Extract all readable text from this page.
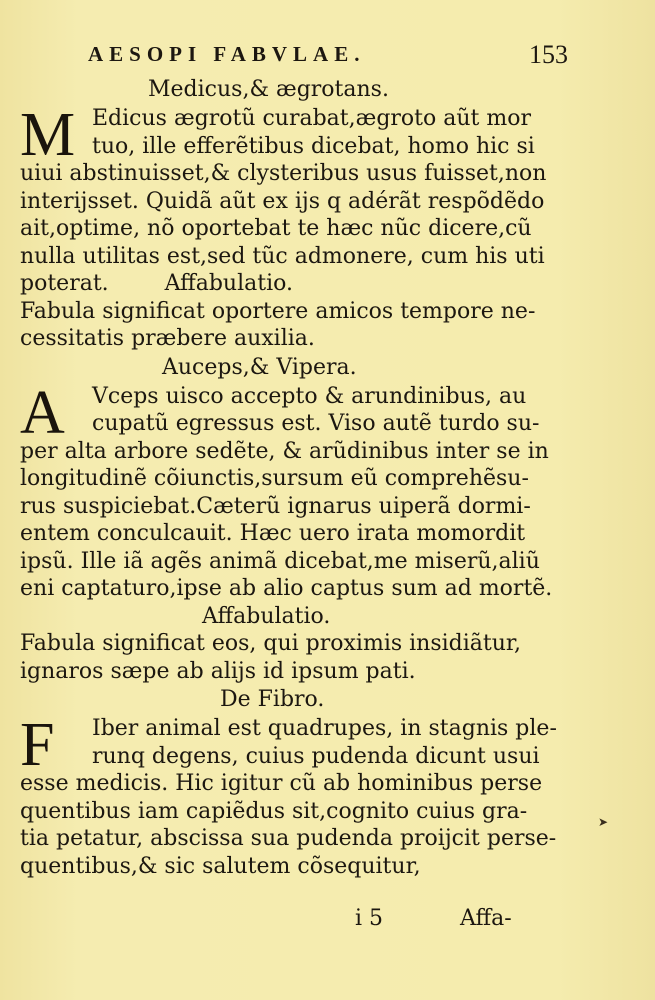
AESOPI FABVLAE.	153
Medicus,& ægrotans.
M Edicus ægrotũ curabat,ægroto aũt mor
tuo, ille efferẽtibus dicebat, homo hic si
uiui abstinuisset,& clysteribus usus fuisset,non
interijsset. Quidã aũt ex ijs q adérãt respõdẽdo
ait,optime, nõ oportebat te hæc nũc dicere,cũ
nulla utilitas est,sed tũc admonere, cum his uti
poterat.        Affabulatio.
Fabula significat oportere amicos tempore ne-
cessitatis præbere auxilia.
Auceps,& Vipera.
A	Vceps uisco accepto & arundinibus, au
cupatũ egressus est. Viso autẽ turdo su-
per alta arbore sedẽte, & arũdinibus inter se in
longitudinẽ cõiunctis,sursum eũ comprehẽsu-
rus suspiciebat.Cæterũ ignarus uiperã dormi-
entem conculcauit. Hæc uero irata momordit
ipsũ. Ille iã agẽs animã dicebat,me miserũ,aliũ
eni captaturo,ipse ab alio captus sum ad mortẽ.
Affabulatio.
Fabula significat eos, qui proximis insidiãtur,
ignaros sæpe ab alijs id ipsum pati.
De Fibro.
F	Iber animal est quadrupes, in stagnis ple-
runq degens, cuius pudenda dicunt usui
esse medicis. Hic igitur cũ ab hominibus perse
quentibus iam capiẽdus sit,cognito cuius gra-
tia petatur, abscissa sua pudenda proijcit perse-
quentibus,& sic salutem cõsequitur,
i 5	Affa-
➤
